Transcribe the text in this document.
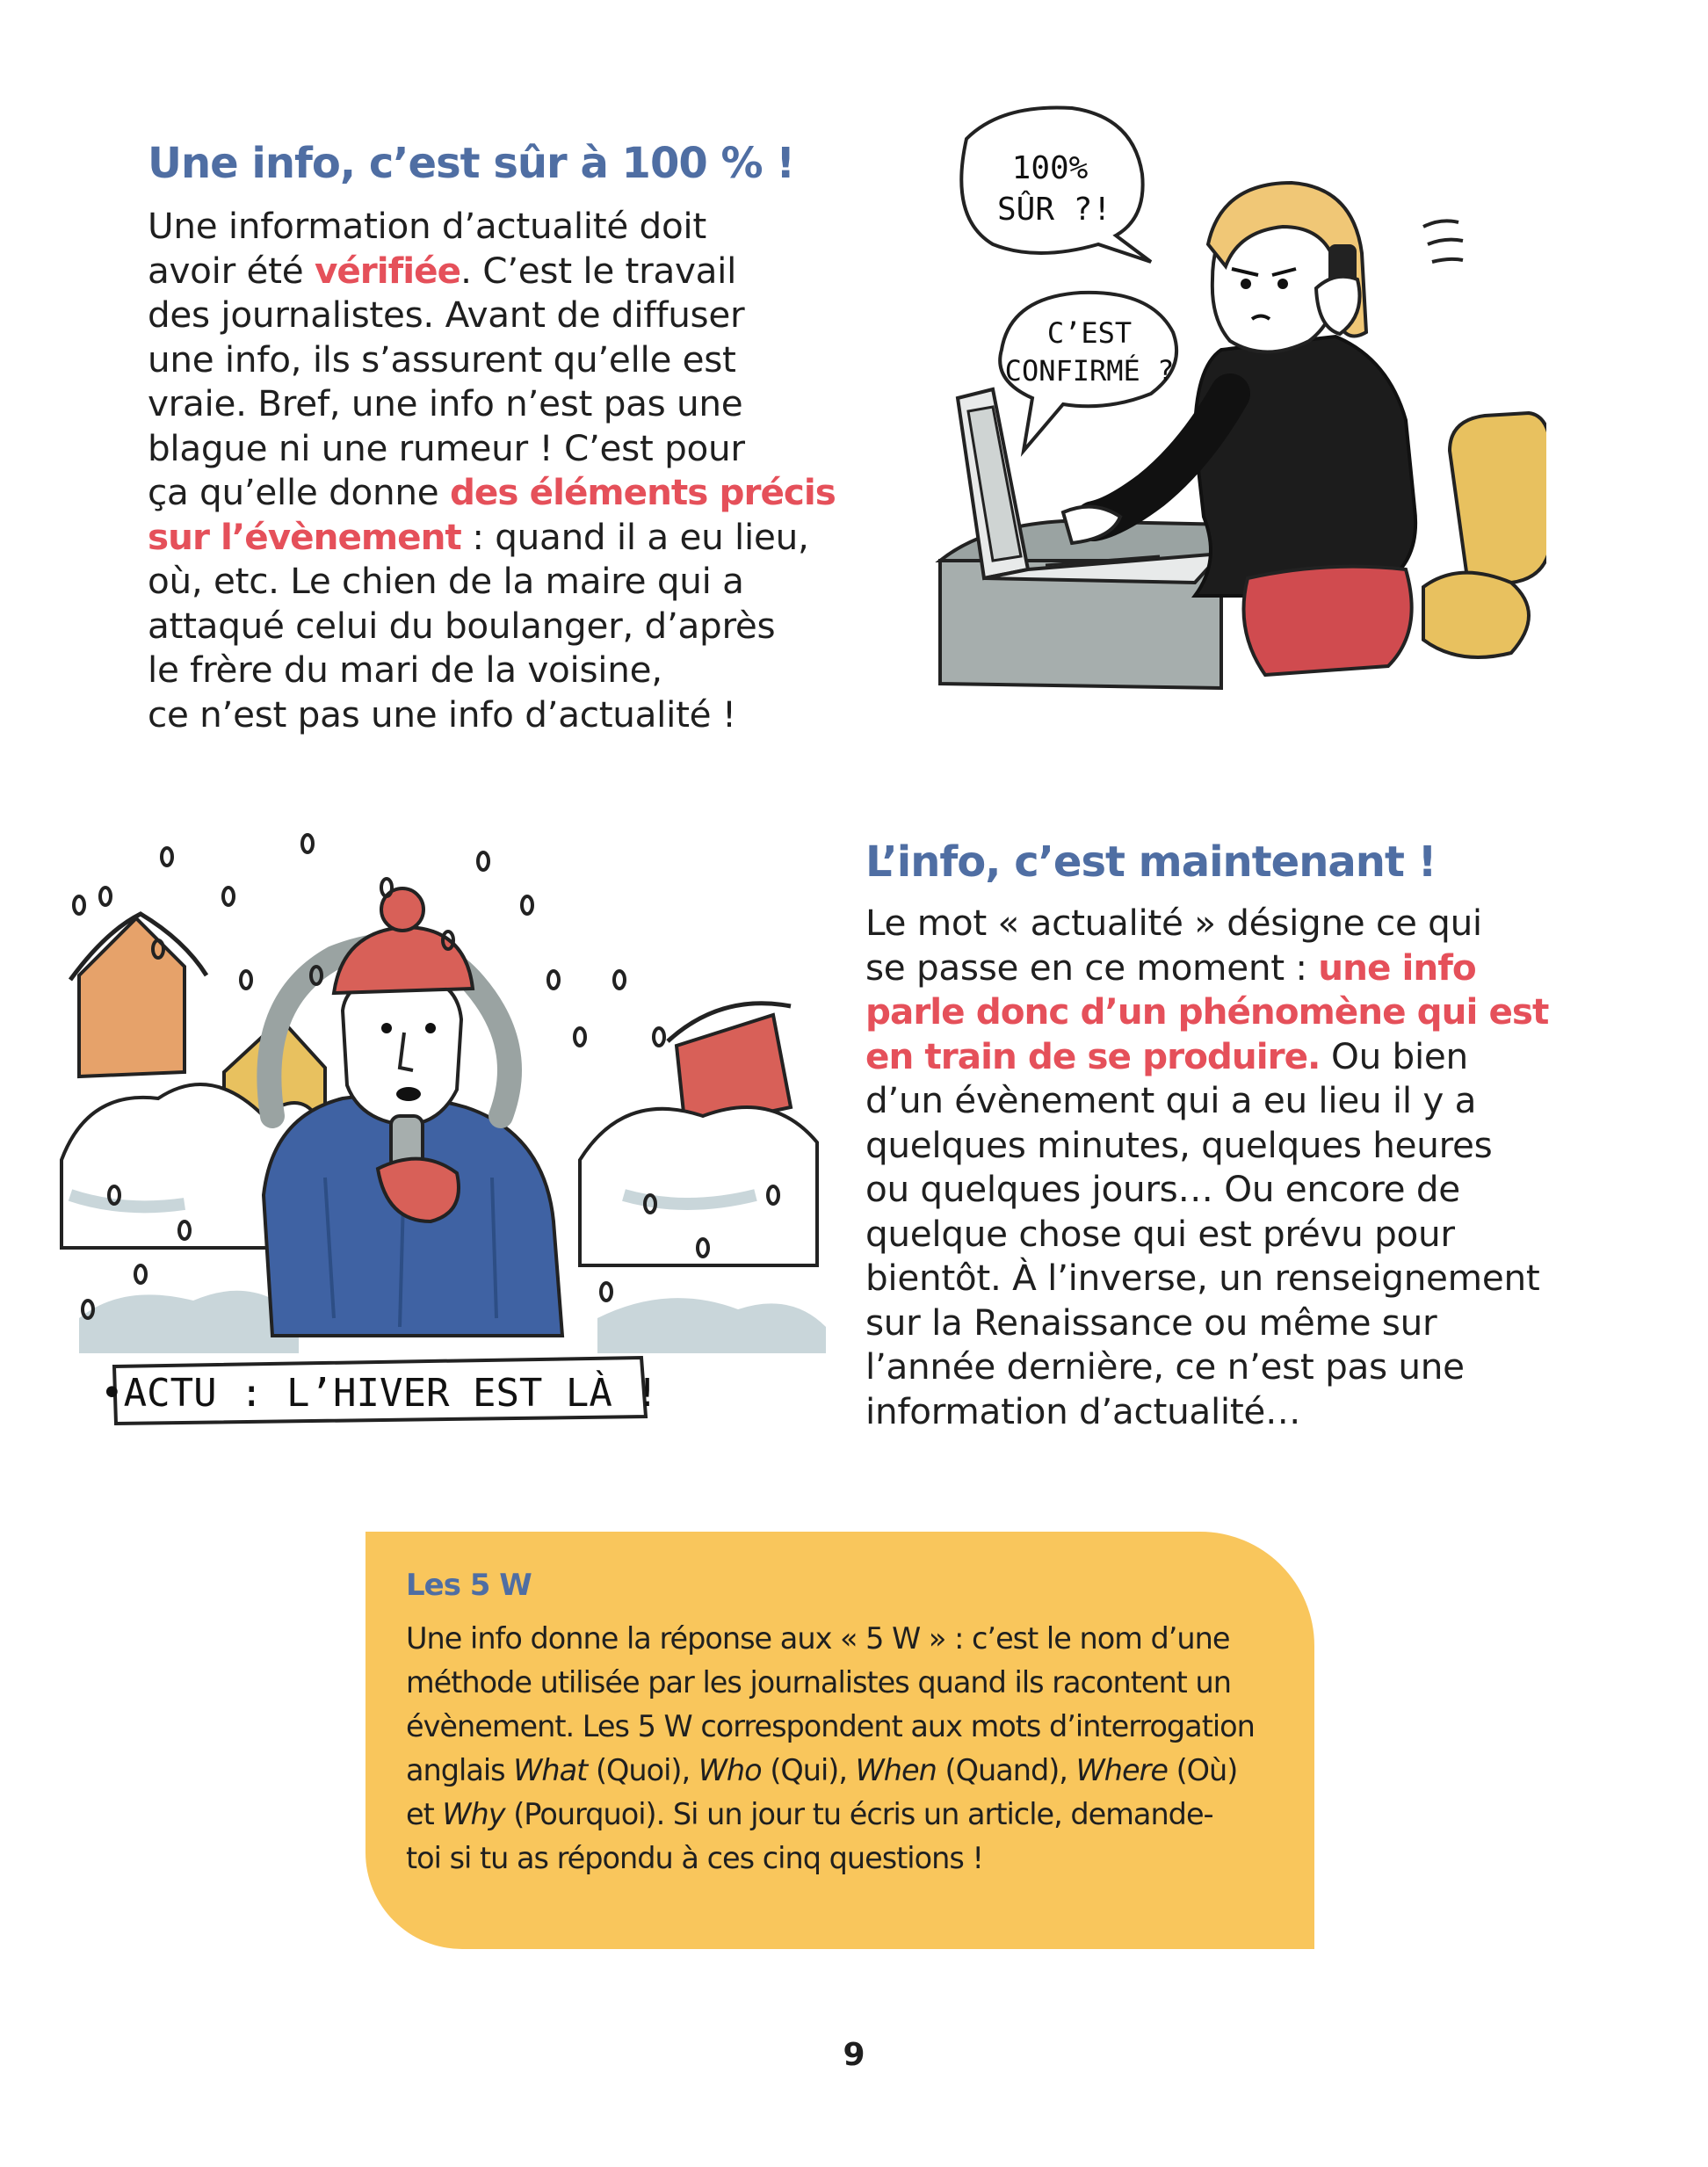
Une info, c’est sûr à 100 % !
Une information d’actualité doit
avoir été vérifiée. C’est le travail
des journalistes. Avant de diffuser
une info, ils s’assurent qu’elle est
vraie. Bref, une info n’est pas une
blague ni une rumeur ! C’est pour
ça qu’elle donne des éléments précis
sur l’évènement : quand il a eu lieu,
où, etc. Le chien de la maire qui a
attaqué celui du boulanger, d’après
le frère du mari de la voisine,
ce n’est pas une info d’actualité !
100%
SÛR ?!
C’EST
CONFIRMÉ ?
•ACTU : L’HIVER EST LÀ !
L’info, c’est maintenant !
Le mot « actualité » désigne ce qui
se passe en ce moment : une info
parle donc d’un phénomène qui est
en train de se produire. Ou bien
d’un évènement qui a eu lieu il y a
quelques minutes, quelques heures
ou quelques jours… Ou encore de
quelque chose qui est prévu pour
bientôt. À l’inverse, un renseignement
sur la Renaissance ou même sur
l’année dernière, ce n’est pas une
information d’actualité…
Les 5 W
Une info donne la réponse aux « 5 W » : c’est le nom d’une
méthode utilisée par les journalistes quand ils racontent un
évènement. Les 5 W correspondent aux mots d’interrogation
anglais What (Quoi), Who (Qui), When (Quand), Where (Où)
et Why (Pourquoi). Si un jour tu écris un article, demande-
toi si tu as répondu à ces cinq questions !

9
